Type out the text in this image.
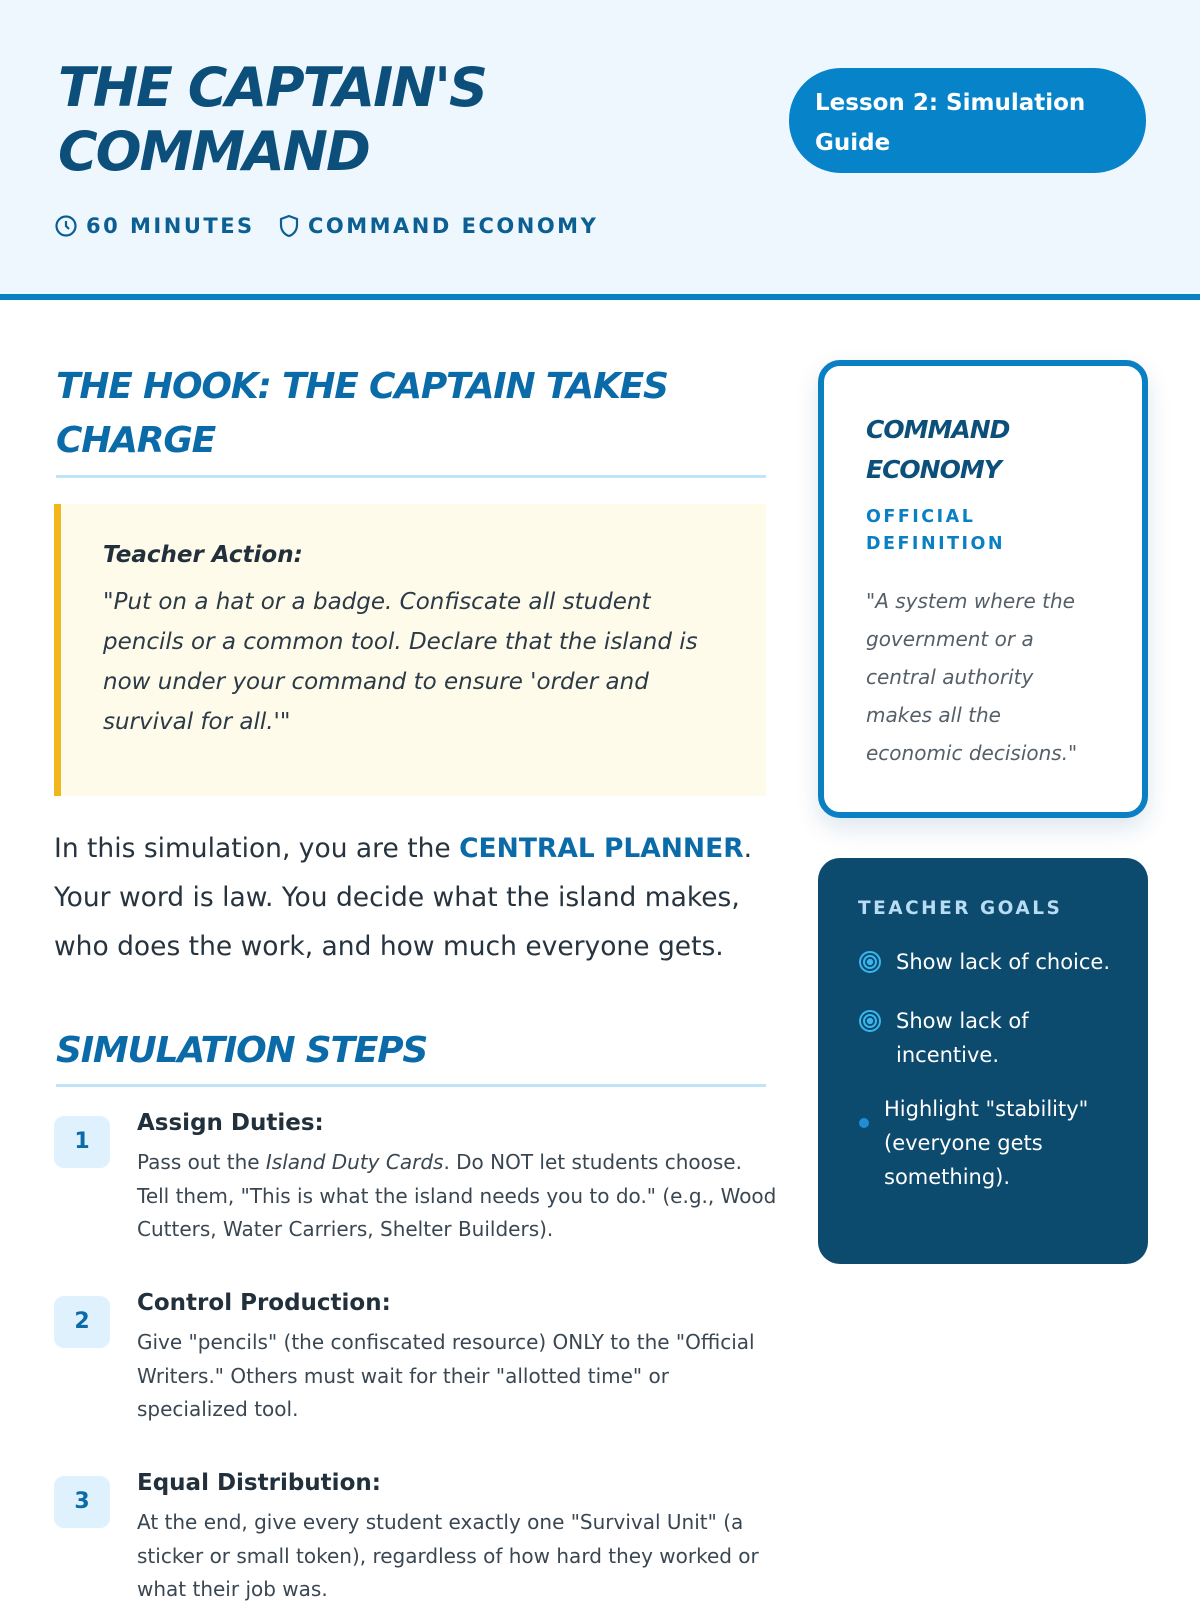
THE CAPTAIN'S COMMAND
Lesson 2: Simulation Guide
60 MINUTES	COMMAND ECONOMY
THE HOOK: THE CAPTAIN TAKES CHARGE
Teacher Action:
"Put on a hat or a badge. Confiscate all student pencils or a common tool. Declare that the island is now under your command to ensure 'order and survival for all.'"

In this simulation, you are the CENTRAL PLANNER. Your word is law. You decide what the island makes, who does the work, and how much everyone gets.

SIMULATION STEPS
1
Assign Duties:
Pass out the Island Duty Cards. Do NOT let students choose. Tell them, "This is what the island needs you to do." (e.g., Wood Cutters, Water Carriers, Shelter Builders).
2
Control Production:
Give "pencils" (the confiscated resource) ONLY to the "Official Writers." Others must wait for their "allotted time" or specialized tool.
3
Equal Distribution:
At the end, give every student exactly one "Survival Unit" (a sticker or small token), regardless of how hard they worked or what their job was.
COMMAND ECONOMY
OFFICIAL DEFINITION
"A system where the government or a central authority makes all the economic decisions."
TEACHER GOALS
Show lack of choice.
Show lack of incentive.
Highlight "stability" (everyone gets something).
